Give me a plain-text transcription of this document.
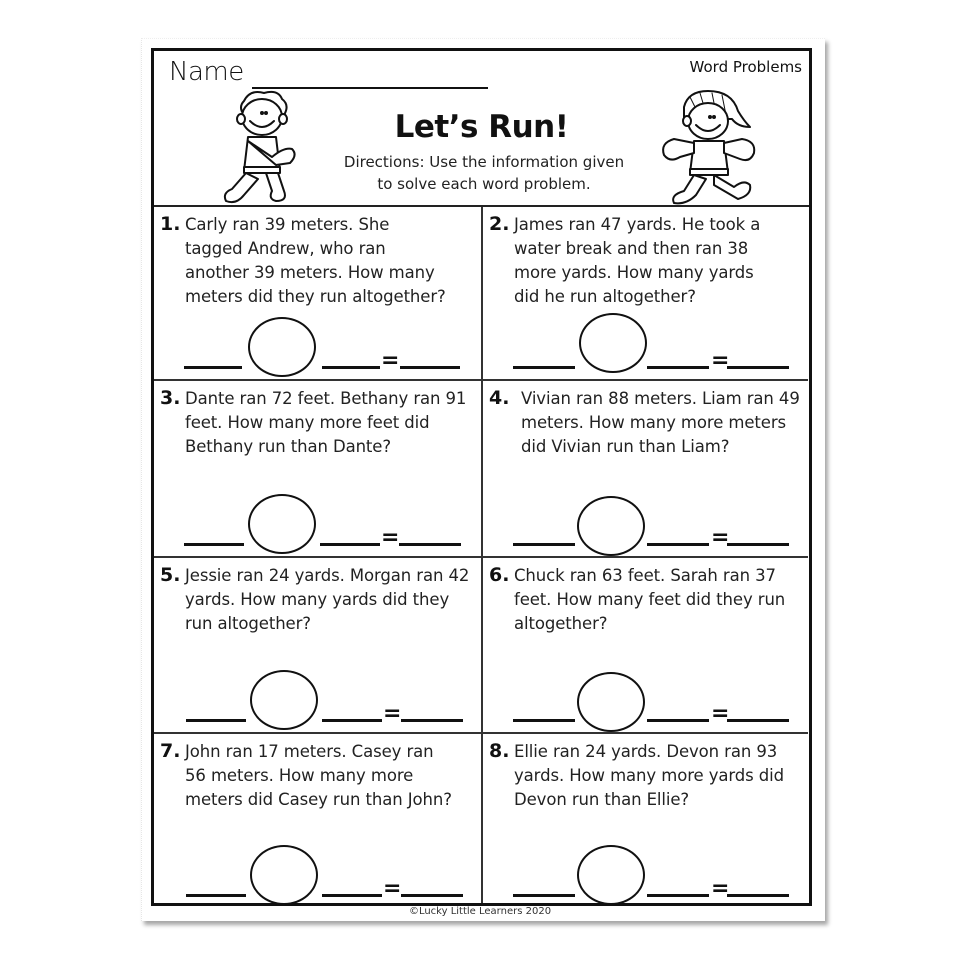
Name	Word Problems
Let’s Run!
Directions: Use the information given
to solve each word problem.
1. Carly ran 39 meters. She tagged Andrew, who ran another 39 meters. How many meters did they run altogether?
=
2. James ran 47 yards. He took a water break and then ran 38 more yards. How many yards did he run altogether?
=
3. Dante ran 72 feet. Bethany ran 91 feet. How many more feet did Bethany run than Dante?
=
4. Vivian ran 88 meters. Liam ran 49 meters. How many more meters did Vivian run than Liam?
=
5. Jessie ran 24 yards. Morgan ran 42 yards. How many yards did they run altogether?
=
6. Chuck ran 63 feet. Sarah ran 37 feet. How many feet did they run altogether?
=
7. John ran 17 meters. Casey ran 56 meters. How many more meters did Casey run than John?
=
8. Ellie ran 24 yards. Devon ran 93 yards. How many more yards did Devon run than Ellie?
=
©Lucky Little Learners 2020
